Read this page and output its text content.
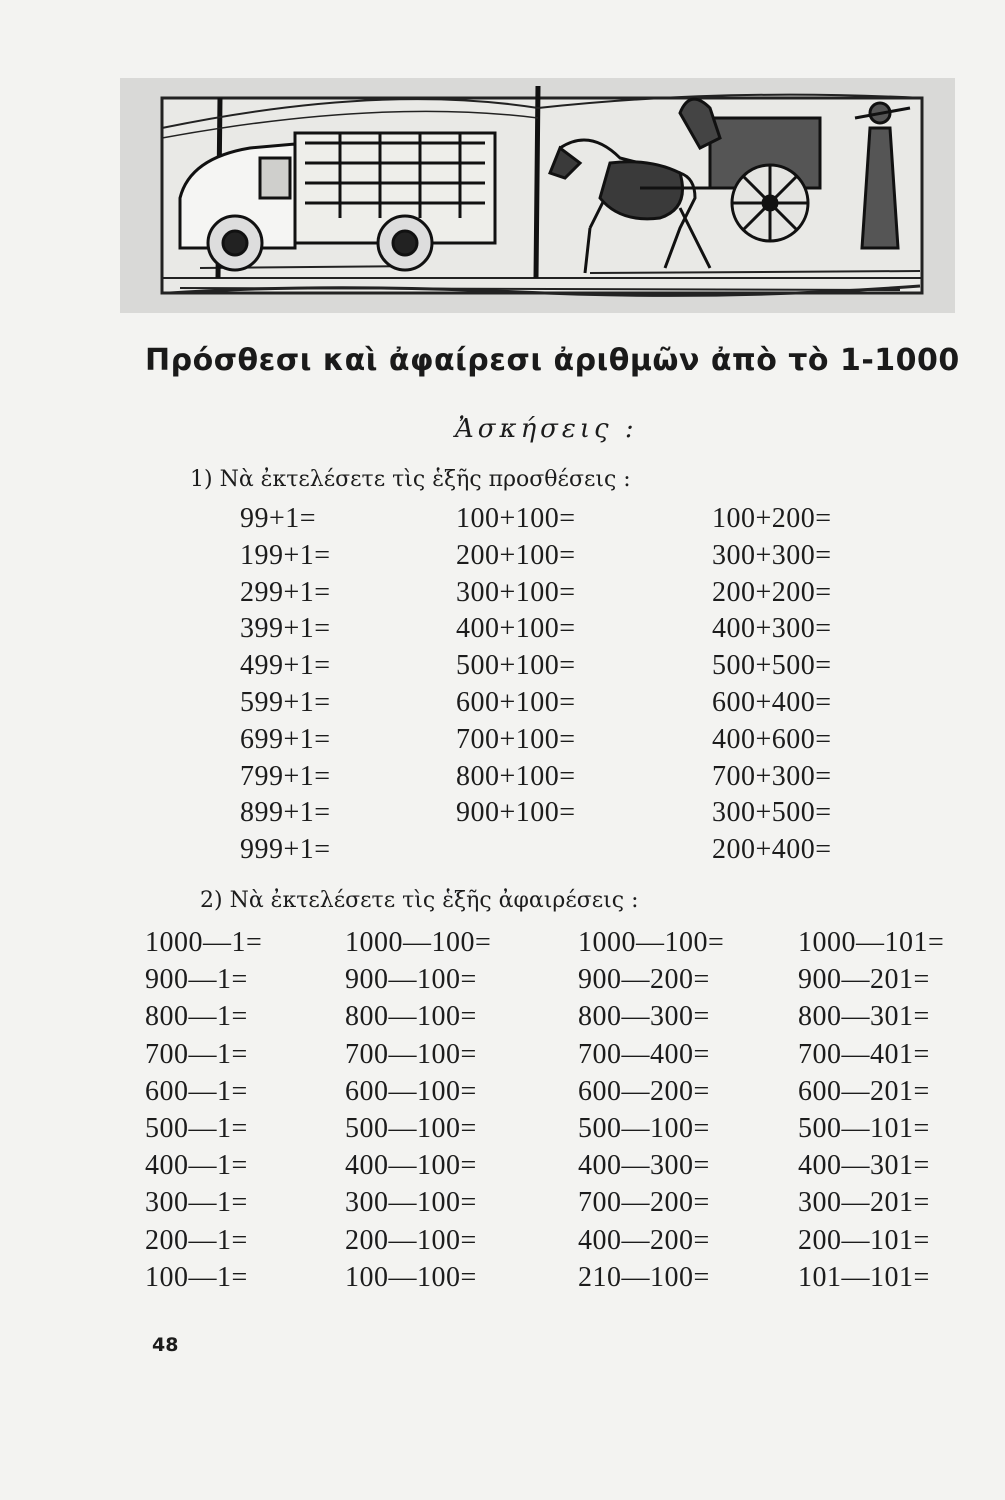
Πρόσθεσι καὶ ἀφαίρεσι ἀριθμῶν ἀπὸ τὸ 1-1000
Ἀσκήσεις :
1) Νὰ ἐκτελέσετε τὶς ἑξῆς προσθέσεις :
99+1=
199+1=
299+1=
399+1=
499+1=
599+1=
699+1=
799+1=
899+1=
999+1=
100+100=
200+100=
300+100=
400+100=
500+100=
600+100=
700+100=
800+100=
900+100=
100+200=
300+300=
200+200=
400+300=
500+500=
600+400=
400+600=
700+300=
300+500=
200+400=
2) Νὰ ἐκτελέσετε τὶς ἑξῆς ἀφαιρέσεις :
1000—1=
900—1=
800—1=
700—1=
600—1=
500—1=
400—1=
300—1=
200—1=
100—1=
1000—100=
900—100=
800—100=
700—100=
600—100=
500—100=
400—100=
300—100=
200—100=
100—100=
1000—100=
900—200=
800—300=
700—400=
600—200=
500—100=
400—300=
700—200=
400—200=
210—100=
1000—101=
900—201=
800—301=
700—401=
600—201=
500—101=
400—301=
300—201=
200—101=
101—101=
48
